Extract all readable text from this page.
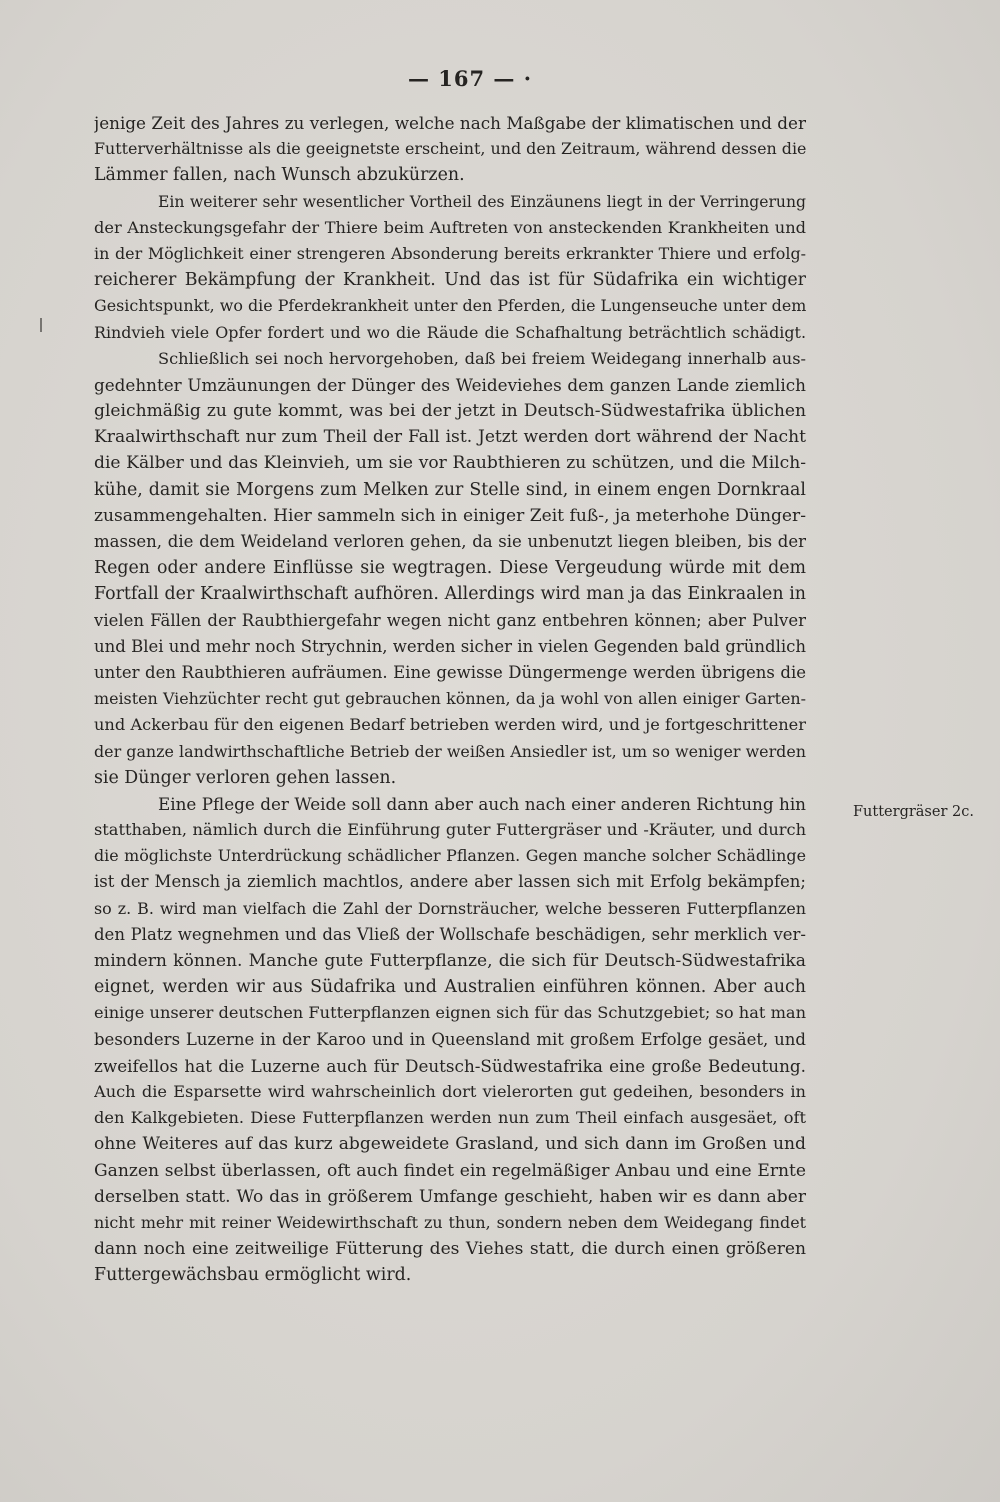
— 167 — ·
jenige Zeit des Jahres zu verlegen, welche nach Maßgabe der klimatischen und der
Futterverhältnisse als die geeignetste erscheint, und den Zeitraum, während dessen die
Lämmer fallen, nach Wunsch abzukürzen.
Ein weiterer sehr wesentlicher Vortheil des Einzäunens liegt in der Verringerung
der Ansteckungsgefahr der Thiere beim Auftreten von ansteckenden Krankheiten und
in der Möglichkeit einer strengeren Absonderung bereits erkrankter Thiere und erfolg-
reicherer Bekämpfung der Krankheit. Und das ist für Südafrika ein wichtiger
Gesichtspunkt, wo die Pferdekrankheit unter den Pferden, die Lungenseuche unter dem
Rindvieh viele Opfer fordert und wo die Räude die Schafhaltung beträchtlich schädigt.
Schließlich sei noch hervorgehoben, daß bei freiem Weidegang innerhalb aus-
gedehnter Umzäunungen der Dünger des Weideviehes dem ganzen Lande ziemlich
gleichmäßig zu gute kommt, was bei der jetzt in Deutsch-Südwestafrika üblichen
Kraalwirthschaft nur zum Theil der Fall ist. Jetzt werden dort während der Nacht
die Kälber und das Kleinvieh, um sie vor Raubthieren zu schützen, und die Milch-
kühe, damit sie Morgens zum Melken zur Stelle sind, in einem engen Dornkraal
zusammengehalten. Hier sammeln sich in einiger Zeit fuß-, ja meterhohe Dünger-
massen, die dem Weideland verloren gehen, da sie unbenutzt liegen bleiben, bis der
Regen oder andere Einflüsse sie wegtragen. Diese Vergeudung würde mit dem
Fortfall der Kraalwirthschaft aufhören. Allerdings wird man ja das Einkraalen in
vielen Fällen der Raubthiergefahr wegen nicht ganz entbehren können; aber Pulver
und Blei und mehr noch Strychnin, werden sicher in vielen Gegenden bald gründlich
unter den Raubthieren aufräumen. Eine gewisse Düngermenge werden übrigens die
meisten Viehzüchter recht gut gebrauchen können, da ja wohl von allen einiger Garten-
und Ackerbau für den eigenen Bedarf betrieben werden wird, und je fortgeschrittener
der ganze landwirthschaftliche Betrieb der weißen Ansiedler ist, um so weniger werden
sie Dünger verloren gehen lassen.
Eine Pflege der Weide soll dann aber auch nach einer anderen Richtung hin
statthaben, nämlich durch die Einführung guter Futtergräser und -Kräuter, und durch
die möglichste Unterdrückung schädlicher Pflanzen. Gegen manche solcher Schädlinge
ist der Mensch ja ziemlich machtlos, andere aber lassen sich mit Erfolg bekämpfen;
so z. B. wird man vielfach die Zahl der Dornsträucher, welche besseren Futterpflanzen
den Platz wegnehmen und das Vließ der Wollschafe beschädigen, sehr merklich ver-
mindern können. Manche gute Futterpflanze, die sich für Deutsch-Südwestafrika
eignet, werden wir aus Südafrika und Australien einführen können. Aber auch
einige unserer deutschen Futterpflanzen eignen sich für das Schutzgebiet; so hat man
besonders Luzerne in der Karoo und in Queensland mit großem Erfolge gesäet, und
zweifellos hat die Luzerne auch für Deutsch-Südwestafrika eine große Bedeutung.
Auch die Esparsette wird wahrscheinlich dort vielerorten gut gedeihen, besonders in
den Kalkgebieten. Diese Futterpflanzen werden nun zum Theil einfach ausgesäet, oft
ohne Weiteres auf das kurz abgeweidete Grasland, und sich dann im Großen und
Ganzen selbst überlassen, oft auch findet ein regelmäßiger Anbau und eine Ernte
derselben statt. Wo das in größerem Umfange geschieht, haben wir es dann aber
nicht mehr mit reiner Weidewirthschaft zu thun, sondern neben dem Weidegang findet
dann noch eine zeitweilige Fütterung des Viehes statt, die durch einen größeren
Futtergewächsbau ermöglicht wird.
Futtergräser 2c.
